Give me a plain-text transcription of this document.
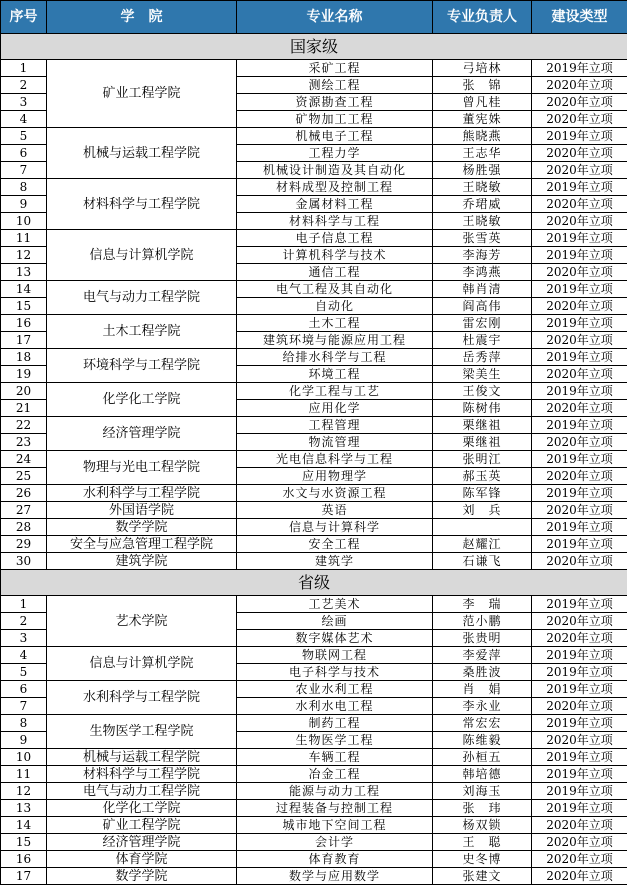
序号	学　院	专业名称	专业负责人	建设类型
国家级				
1	矿业工程学院	采矿工程	弓培林	2019年立项
2		测绘工程	张　锦	2020年立项
3		资源勘查工程	曾凡桂	2020年立项
4		矿物加工工程	董宪姝	2020年立项
5	机械与运载工程学院	机械电子工程	熊晓燕	2019年立项
6		工程力学	王志华	2020年立项
7		机械设计制造及其自动化	杨胜强	2020年立项
8	材料科学与工程学院	材料成型及控制工程	王晓敏	2019年立项
9		金属材料工程	乔珺威	2020年立项
10		材料科学与工程	王晓敏	2020年立项
11	信息与计算机学院	电子信息工程	张雪英	2019年立项
12		计算机科学与技术	李海芳	2019年立项
13		通信工程	李鸿燕	2020年立项
14	电气与动力工程学院	电气工程及其自动化	韩肖清	2019年立项
15		自动化	阎高伟	2020年立项
16	土木工程学院	土木工程	雷宏刚	2019年立项
17		建筑环境与能源应用工程	杜震宇	2020年立项
18	环境科学与工程学院	给排水科学与工程	岳秀萍	2019年立项
19		环境工程	梁美生	2020年立项
20	化学化工学院	化学工程与工艺	王俊文	2019年立项
21		应用化学	陈树伟	2020年立项
22	经济管理学院	工程管理	栗继祖	2019年立项
23		物流管理	栗继祖	2020年立项
24	物理与光电工程学院	光电信息科学与工程	张明江	2019年立项
25		应用物理学	郝玉英	2020年立项
26	水利科学与工程学院	水文与水资源工程	陈军锋	2019年立项
27	外国语学院	英语	刘　兵	2020年立项
28	数学学院	信息与计算科学		2019年立项
29	安全与应急管理工程学院	安全工程	赵耀江	2019年立项
30	建筑学院	建筑学	石谦飞	2020年立项
省级				
1	艺术学院	工艺美术	李　瑞	2019年立项
2		绘画	范小鹏	2020年立项
3		数字媒体艺术	张贵明	2020年立项
4	信息与计算机学院	物联网工程	李爱萍	2019年立项
5		电子科学与技术	桑胜波	2019年立项
6	水利科学与工程学院	农业水利工程	肖　娟	2019年立项
7		水利水电工程	李永业	2020年立项
8	生物医学工程学院	制药工程	常宏宏	2019年立项
9		生物医学工程	陈维毅	2020年立项
10	机械与运载工程学院	车辆工程	孙桓五	2019年立项
11	材料科学与工程学院	冶金工程	韩培德	2019年立项
12	电气与动力工程学院	能源与动力工程	刘海玉	2019年立项
13	化学化工学院	过程装备与控制工程	张　玮	2019年立项
14	矿业工程学院	城市地下空间工程	杨双锁	2020年立项
15	经济管理学院	会计学	王　聪	2020年立项
16	体育学院	体育教育	史冬博	2020年立项
17	数学学院	数学与应用数学	张建文	2020年立项
